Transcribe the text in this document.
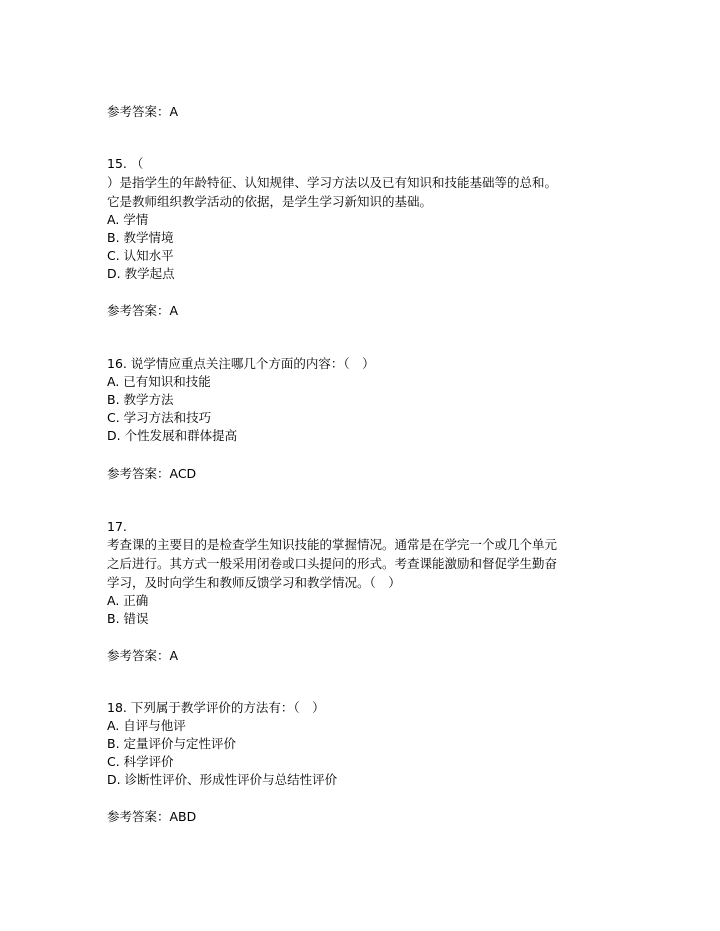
参考答案：A
15. （
）是指学生的年龄特征、认知规律、学习方法以及已有知识和技能基础等的总和。
它是教师组织教学活动的依据，是学生学习新知识的基础。
A. 学情
B. 教学情境
C. 认知水平
D. 教学起点
参考答案：A
16. 说学情应重点关注哪几个方面的内容：（　）
A. 已有知识和技能
B. 教学方法
C. 学习方法和技巧
D. 个性发展和群体提高
参考答案：ACD
17.
考查课的主要目的是检查学生知识技能的掌握情况。通常是在学完一个或几个单元
之后进行。其方式一般采用闭卷或口头提问的形式。考查课能激励和督促学生勤奋
学习，及时向学生和教师反馈学习和教学情况。（　）
A. 正确
B. 错误
参考答案：A
18. 下列属于教学评价的方法有：（　）
A. 自评与他评
B. 定量评价与定性评价
C. 科学评价
D. 诊断性评价、形成性评价与总结性评价
参考答案：ABD
